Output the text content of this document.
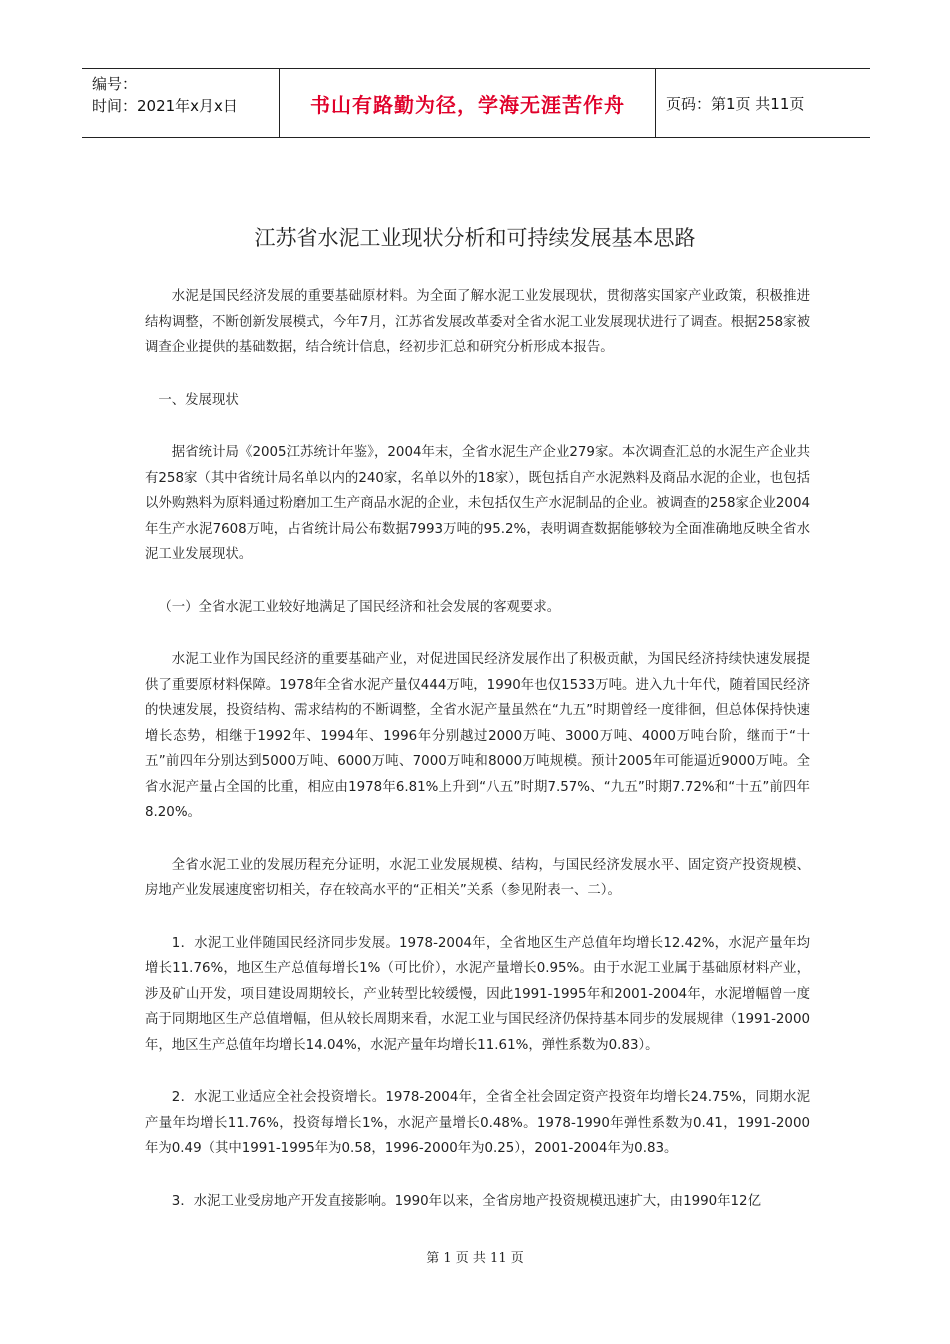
编号：
时间：2021年x月x日	书山有路勤为径，学海无涯苦作舟	页码：第1页 共11页
江苏省水泥工业现状分析和可持续发展基本思路

水泥是国民经济发展的重要基础原材料。为全面了解水泥工业发展现状，贯彻落实国家产业政策，积极推进结构调整，不断创新发展模式，今年7月，江苏省发展改革委对全省水泥工业发展现状进行了调查。根据258家被调查企业提供的基础数据，结合统计信息，经初步汇总和研究分析形成本报告。

一、发展现状

据省统计局《2005江苏统计年鉴》，2004年末，全省水泥生产企业279家。本次调查汇总的水泥生产企业共有258家（其中省统计局名单以内的240家，名单以外的18家），既包括自产水泥熟料及商品水泥的企业，也包括以外购熟料为原料通过粉磨加工生产商品水泥的企业，未包括仅生产水泥制品的企业。被调查的258家企业2004年生产水泥7608万吨，占省统计局公布数据7993万吨的95.2%，表明调查数据能够较为全面准确地反映全省水泥工业发展现状。

（一）全省水泥工业较好地满足了国民经济和社会发展的客观要求。

水泥工业作为国民经济的重要基础产业，对促进国民经济发展作出了积极贡献，为国民经济持续快速发展提供了重要原材料保障。1978年全省水泥产量仅444万吨，1990年也仅1533万吨。进入九十年代，随着国民经济的快速发展，投资结构、需求结构的不断调整，全省水泥产量虽然在“九五”时期曾经一度徘徊，但总体保持快速增长态势，相继于1992年、1994年、1996年分别越过2000万吨、3000万吨、4000万吨台阶，继而于“十五”前四年分别达到5000万吨、6000万吨、7000万吨和8000万吨规模。预计2005年可能逼近9000万吨。全省水泥产量占全国的比重，相应由1978年6.81%上升到“八五”时期7.57%、“九五”时期7.72%和“十五”前四年8.20%。

全省水泥工业的发展历程充分证明，水泥工业发展规模、结构，与国民经济发展水平、固定资产投资规模、房地产业发展速度密切相关，存在较高水平的“正相关”关系（参见附表一、二）。

1．水泥工业伴随国民经济同步发展。1978-2004年，全省地区生产总值年均增长12.42%，水泥产量年均增长11.76%，地区生产总值每增长1%（可比价），水泥产量增长0.95%。由于水泥工业属于基础原材料产业，涉及矿山开发，项目建设周期较长，产业转型比较缓慢，因此1991-1995年和2001-2004年，水泥增幅曾一度高于同期地区生产总值增幅，但从较长周期来看，水泥工业与国民经济仍保持基本同步的发展规律（1991-2000年，地区生产总值年均增长14.04%，水泥产量年均增长11.61%，弹性系数为0.83）。

2．水泥工业适应全社会投资增长。1978-2004年，全省全社会固定资产投资年均增长24.75%，同期水泥产量年均增长11.76%，投资每增长1%，水泥产量增长0.48%。1978-1990年弹性系数为0.41，1991-2000年为0.49（其中1991-1995年为0.58，1996-2000年为0.25），2001-2004年为0.83。

3．水泥工业受房地产开发直接影响。1990年以来，全省房地产投资规模迅速扩大，由1990年12亿

第 1 页 共 11 页
